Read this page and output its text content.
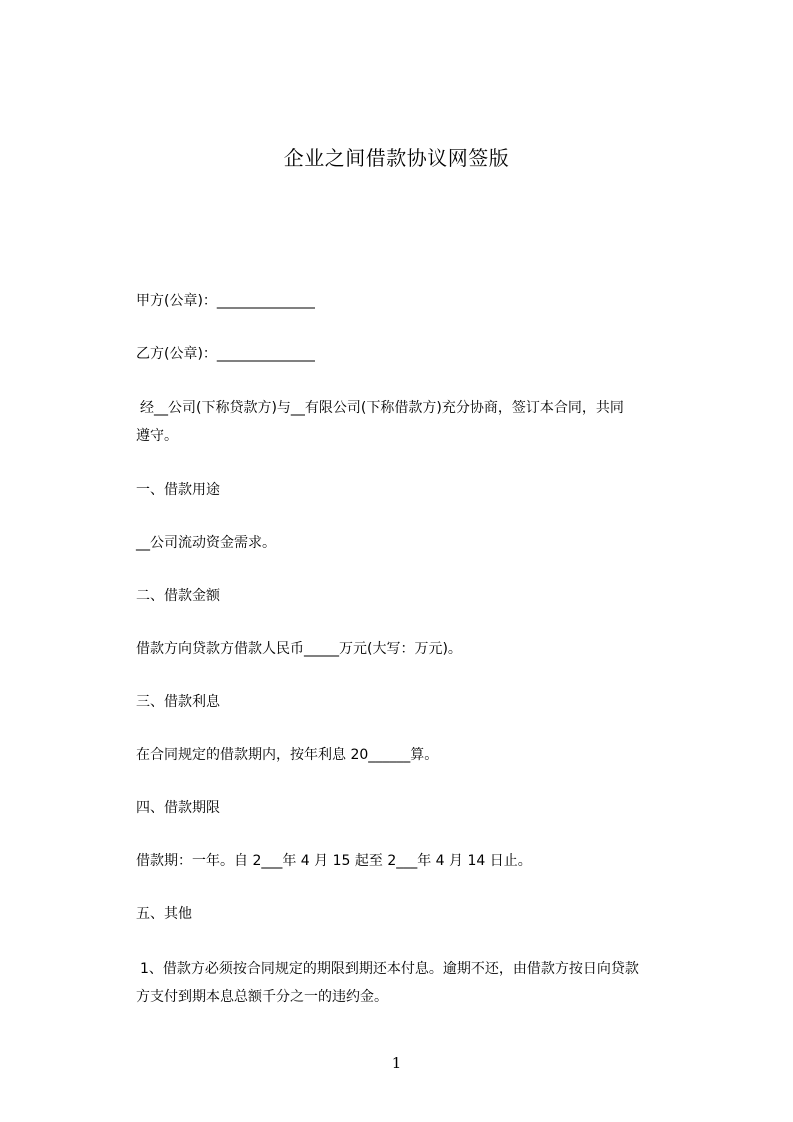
企业之间借款协议网签版
甲方(公章)：______________
乙方(公章)：______________
经__公司(下称贷款方)与__有限公司(下称借款方)充分协商，签订本合同，共同
遵守。
一、借款用途
__公司流动资金需求。
二、借款金额
借款方向贷款方借款人民币_____万元(大写：万元)。
三、借款利息
在合同规定的借款期内，按年利息 20______算。
四、借款期限
借款期：一年。自 2___年 4 月 15 起至 2___年 4 月 14 日止。
五、其他
1、借款方必须按合同规定的期限到期还本付息。逾期不还，由借款方按日向贷款
方支付到期本息总额千分之一的违约金。
1
